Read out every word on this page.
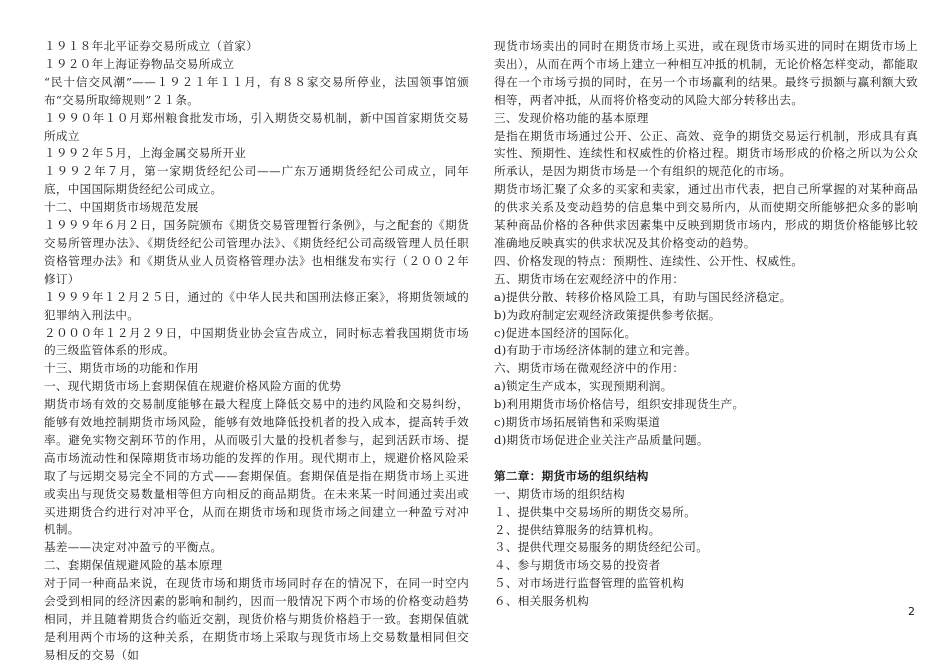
１９１８年北平证券交易所成立（首家）

１９２０年上海证券物品交易所成立

“民十信交风潮”——１９２１年１１月，有８８家交易所停业，法国领事馆颁布“交易所取缔规则”２１条。

１９９０年１０月郑州粮食批发市场，引入期货交易机制，新中国首家期货交易所成立

１９９２年５月，上海金属交易所开业

１９９２年７月，第一家期货经纪公司——广东万通期货经纪公司成立，同年底，中国国际期货经纪公司成立。

十二、中国期货市场规范发展

１９９９年６月２日，国务院颁布《期货交易管理暂行条例》，与之配套的《期货交易所管理办法》、《期货经纪公司管理办法》、《期货经纪公司高级管理人员任职资格管理办法》和《期货从业人员资格管理办法》也相继发布实行（２００２年修订）

１９９９年１２月２５日，通过的《中华人民共和国刑法修正案》，将期货领域的犯罪纳入刑法中。

２０００年１２月２９日，中国期货业协会宣告成立，同时标志着我国期货市场的三级监管体系的形成。

十三、期货市场的功能和作用

一、现代期货市场上套期保值在规避价格风险方面的优势

期货市场有效的交易制度能够在最大程度上降低交易中的违约风险和交易纠纷，能够有效地控制期货市场风险，能够有效地降低投机者的投入成本，提高转手效率。避免实物交割环节的作用，从而吸引大量的投机者参与，起到活跃市场、提高市场流动性和保障期货市场功能的发挥的作用。现代期市上，规避价格风险采取了与远期交易完全不同的方式——套期保值。套期保值是指在期货市场上买进或卖出与现货交易数量相等但方向相反的商品期货。在未来某一时间通过卖出或买进期货合约进行对冲平仓，从而在期货市场和现货市场之间建立一种盈亏对冲机制。

基差——决定对冲盈亏的平衡点。

二、套期保值规避风险的基本原理

对于同一种商品来说，在现货市场和期货市场同时存在的情况下，在同一时空内会受到相同的经济因素的影响和制约，因而一般情况下两个市场的价格变动趋势相同，并且随着期货合约临近交割，现货价格与期货价格趋于一致。套期保值就是利用两个市场的这种关系，在期货市场上采取与现货市场上交易数量相同但交易相反的交易（如

现货市场卖出的同时在期货市场上买进，或在现货市场买进的同时在期货市场上卖出），从而在两个市场上建立一种相互冲抵的机制，无论价格怎样变动，都能取得在一个市场亏损的同时，在另一个市场赢利的结果。最终亏损额与赢利额大致相等，两者冲抵，从而将价格变动的风险大部分转移出去。

三、发现价格功能的基本原理

是指在期货市场通过公开、公正、高效、竞争的期货交易运行机制，形成具有真实性、预期性、连续性和权威性的价格过程。期货市场形成的价格之所以为公众所承认，是因为期货市场是一个有组织的规范化的市场。

期货市场汇聚了众多的买家和卖家，通过出市代表，把自己所掌握的对某种商品的供求关系及变动趋势的信息集中到交易所内，从而使期交所能够把众多的影响某种商品价格的各种供求因素集中反映到期货市场内，形成的期货价格能够比较准确地反映真实的供求状况及其价格变动的趋势。

四、价格发现的特点：预期性、连续性、公开性、权威性。

五、期货市场在宏观经济中的作用：

a)提供分散、转移价格风险工具，有助与国民经济稳定。

b)为政府制定宏观经济政策提供参考依据。

c)促进本国经济的国际化。

d)有助于市场经济体制的建立和完善。

六、期货市场在微观经济中的作用：

a)锁定生产成本，实现预期利润。

b)利用期货市场价格信号，组织安排现货生产。

c)期货市场拓展销售和采购渠道

d)期货市场促进企业关注产品质量问题。

第二章：期货市场的组织结构

一、期货市场的组织结构

１、提供集中交易场所的期货交易所。

２、提供结算服务的结算机构。

３、提供代理交易服务的期货经纪公司。

４、参与期货市场交易的投资者

５、对市场进行监督管理的监管机构

６、相关服务机构

2
